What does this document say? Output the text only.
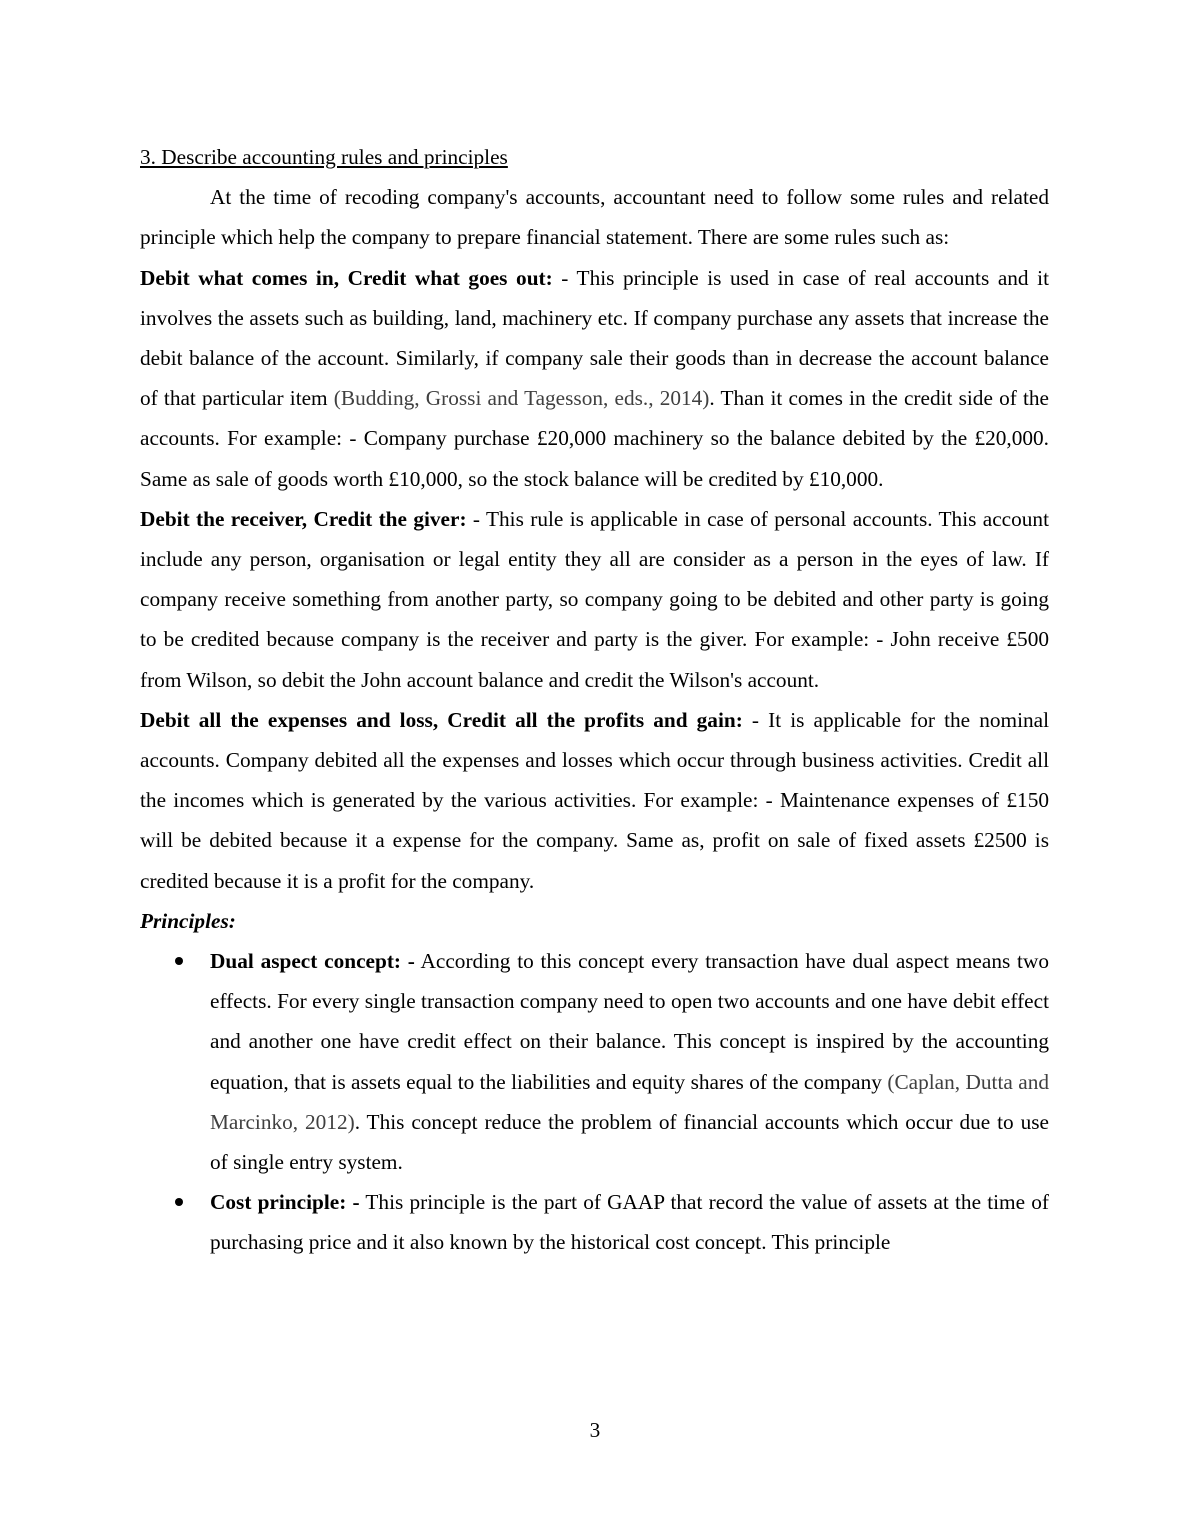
3. Describe accounting rules and principles

At the time of recoding company's accounts, accountant need to follow some rules and related principle which help the company to prepare financial statement. There are some rules such as:

Debit what comes in, Credit what goes out: - This principle is used in case of real accounts and it involves the assets such as building, land, machinery etc. If company purchase any assets that increase the debit balance of the account. Similarly, if company sale their goods than in decrease the account balance of that particular item (Budding, Grossi and Tagesson, eds., 2014). Than it comes in the credit side of the accounts. For example: - Company purchase £20,000 machinery so the balance debited by the £20,000. Same as sale of goods worth £10,000, so the stock balance will be credited by £10,000.

Debit the receiver, Credit the giver: - This rule is applicable in case of personal accounts. This account include any person, organisation or legal entity they all are consider as a person in the eyes of law. If company receive something from another party, so company going to be debited and other party is going to be credited because company is the receiver and party is the giver. For example: - John receive £500 from Wilson, so debit the John account balance and credit the Wilson's account.

Debit all the expenses and loss, Credit all the profits and gain: - It is applicable for the nominal accounts. Company debited all the expenses and losses which occur through business activities. Credit all the incomes which is generated by the various activities. For example: - Maintenance expenses of £150 will be debited because it a expense for the company. Same as, profit on sale of fixed assets £2500 is credited because it is a profit for the company.

Principles:

Dual aspect concept: - According to this concept every transaction have dual aspect means two effects. For every single transaction company need to open two accounts and one have debit effect and another one have credit effect on their balance. This concept is inspired by the accounting equation, that is assets equal to the liabilities and equity shares of the company (Caplan, Dutta and Marcinko, 2012). This concept reduce the problem of financial accounts which occur due to use of single entry system.
Cost principle: - This principle is the part of GAAP that record the value of assets at the time of purchasing price and it also known by the historical cost concept. This principle
3
